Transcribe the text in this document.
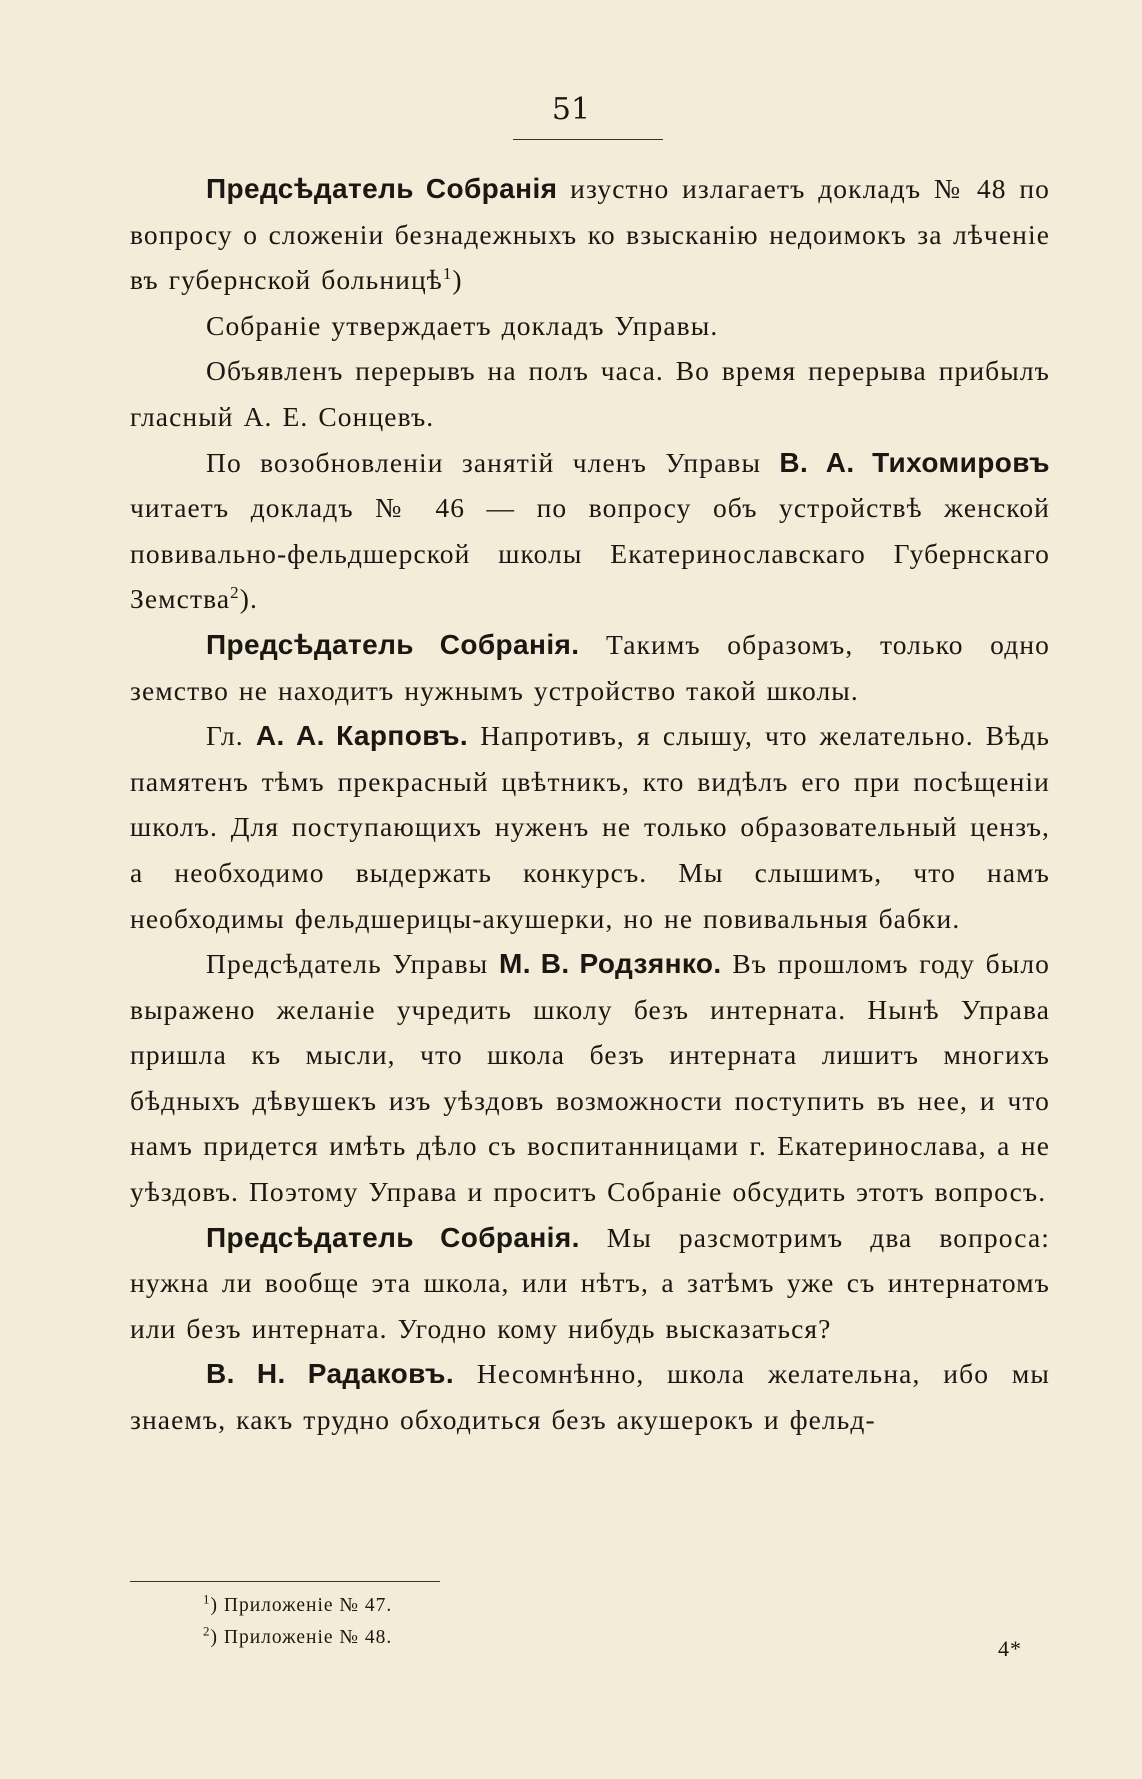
51

Предсѣдатель Собранія изустно излагаетъ докладъ № 48 по вопросу о сложеніи безнадежныхъ ко взысканію недоимокъ за лѣченіе въ губернской больницѣ$^1$)

Собраніе утверждаетъ докладъ Управы.

Объявленъ перерывъ на полъ часа. Во время перерыва прибылъ гласный А. Е. Сонцевъ.

По возобновленіи занятій членъ Управы В. А. Тихомировъ читаетъ докладъ № 46 — по вопросу объ устройствѣ женской повивально-фельдшерской школы Екатеринославскаго Губернскаго Земства$^2$).

Предсѣдатель Собранія. Такимъ образомъ, только одно земство не находитъ нужнымъ устройство такой школы.

Гл. А. А. Карповъ. Напротивъ, я слышу, что желательно. Вѣдь памятенъ тѣмъ прекрасный цвѣтникъ, кто видѣлъ его при посѣщеніи школъ. Для поступающихъ нуженъ не только образовательный цензъ, а необходимо выдержать конкурсъ. Мы слышимъ, что намъ необходимы фельдшерицы-акушерки, но не повивальныя бабки.

Предсѣдатель Управы М. В. Родзянко. Въ прошломъ году было выражено желаніе учредить школу безъ интерната. Нынѣ Управа пришла къ мысли, что школа безъ интерната лишитъ многихъ бѣдныхъ дѣвушекъ изъ уѣздовъ возможности поступить въ нее, и что намъ придется имѣть дѣло съ воспитанницами г. Екатеринослава, а не уѣздовъ. Поэтому Управа и проситъ Собраніе обсудить этотъ вопросъ.

Предсѣдатель Собранія. Мы разсмотримъ два вопроса: нужна ли вообще эта школа, или нѣтъ, а затѣмъ уже съ интернатомъ или безъ интерната. Угодно кому нибудь высказаться?

В. Н. Радаковъ. Несомнѣнно, школа желательна, ибо мы знаемъ, какъ трудно обходиться безъ акушерокъ и фельд-

$^1$) Приложеніе № 47.

$^2$) Приложеніе № 48.	4*
